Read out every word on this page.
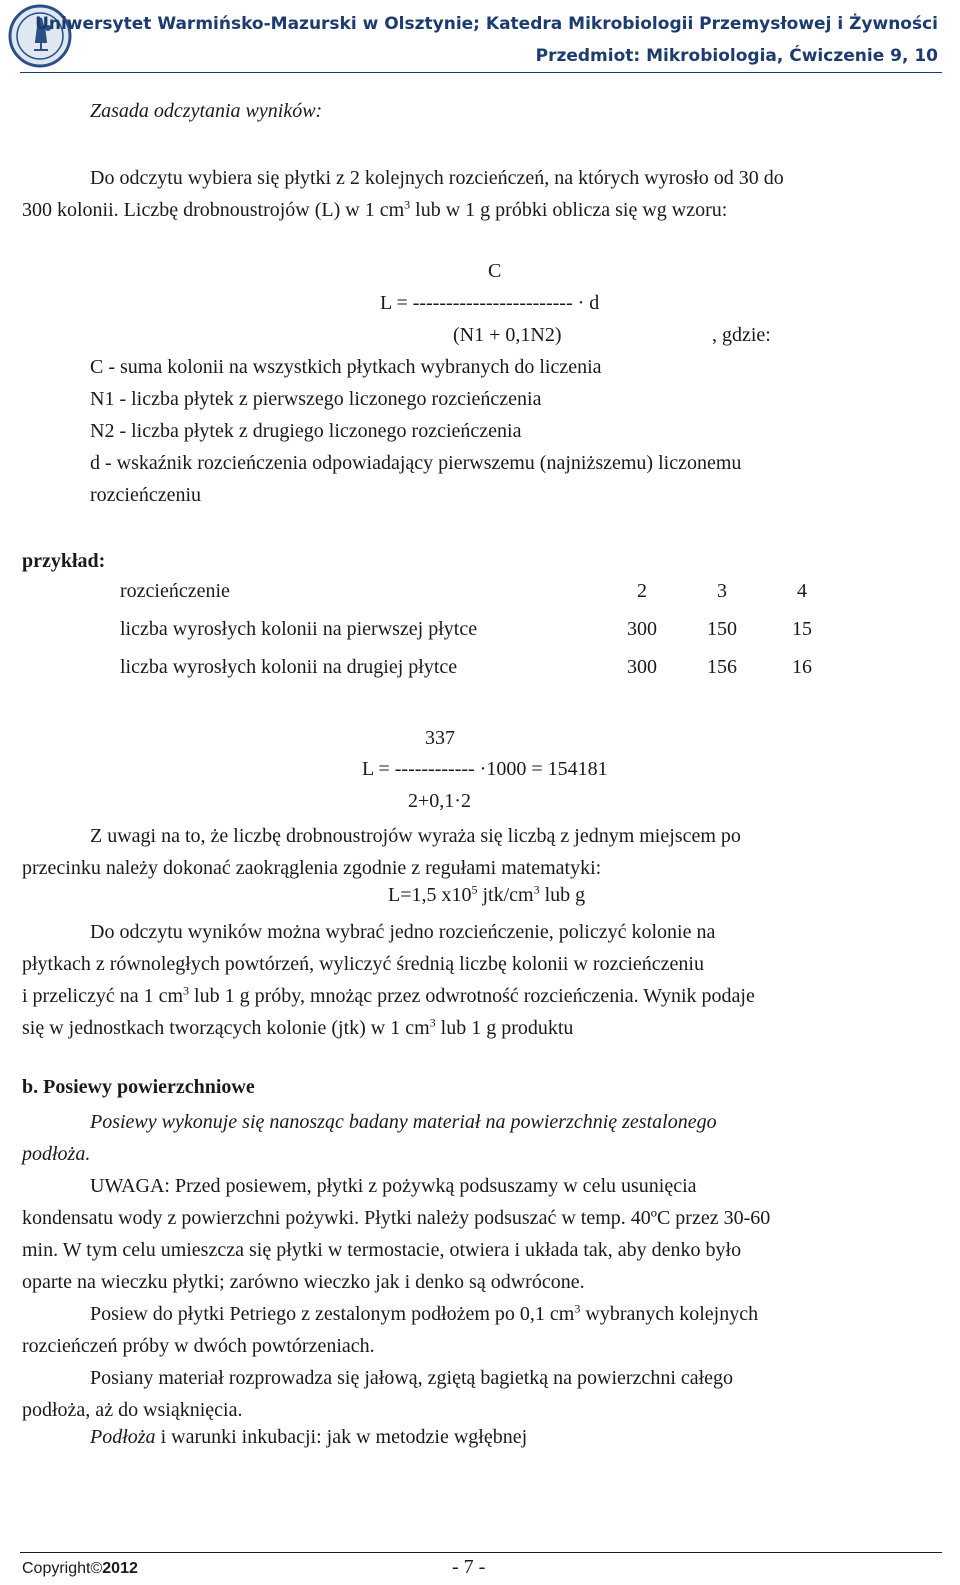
Uniwersytet Warmińsko-Mazurski w Olsztynie; Katedra Mikrobiologii Przemysłowej i Żywności
Przedmiot: Mikrobiologia, Ćwiczenie 9, 10
Zasada odczytania wyników:
Do odczytu wybiera się płytki z 2 kolejnych rozcieńczeń, na których wyrosło od 30 do
300 kolonii. Liczbę drobnoustrojów (L) w 1 $cm^3$ lub w 1 g próbki oblicza się wg wzoru:
C
L = ------------------------ · d
(N1 + 0,1N2)	, gdzie:
C - suma kolonii na wszystkich płytkach wybranych do liczenia
N1 - liczba płytek z pierwszego liczonego rozcieńczenia
N2 - liczba płytek z drugiego liczonego rozcieńczenia
d - wskaźnik rozcieńczenia odpowiadający pierwszemu (najniższemu) liczonemu
rozcieńczeniu
przykład:
rozcieńczenie	2	3	4
liczba wyrosłych kolonii na pierwszej płytce	300	150	15
liczba wyrosłych kolonii na drugiej płytce	300	156	16
337
L = ------------ ·1000 = 154181
2+0,1·2
Z uwagi na to, że liczbę drobnoustrojów wyraża się liczbą z jednym miejscem po
przecinku należy dokonać zaokrąglenia zgodnie z regułami matematyki:
L=1,5 $x10^5$ jtk/$cm^3$ lub g
Do odczytu wyników można wybrać jedno rozcieńczenie, policzyć kolonie na
płytkach z równoległych powtórzeń, wyliczyć średnią liczbę kolonii w rozcieńczeniu
i przeliczyć na 1 $cm^3$ lub 1 g próby, mnożąc przez odwrotność rozcieńczenia. Wynik podaje
się w jednostkach tworzących kolonie (jtk) w 1 $cm^3$ lub 1 g produktu
b. Posiewy powierzchniowe
Posiewy wykonuje się nanosząc badany materiał na powierzchnię zestalonego
podłoża.
UWAGA: Przed posiewem, płytki z pożywką podsuszamy w celu usunięcia
kondensatu wody z powierzchni pożywki. Płytki należy podsuszać w temp. 40ºC przez 30-60
min. W tym celu umieszcza się płytki w termostacie, otwiera i układa tak, aby denko było
oparte na wieczku płytki; zarówno wieczko jak i denko są odwrócone.
Posiew do płytki Petriego z zestalonym podłożem po 0,1 $cm^3$ wybranych kolejnych
rozcieńczeń próby w dwóch powtórzeniach.
Posiany materiał rozprowadza się jałową, zgiętą bagietką na powierzchni całego
podłoża, aż do wsiąknięcia.
Podłoża i warunki inkubacji: jak w metodzie wgłębnej
Copyright©2012	- 7 -
